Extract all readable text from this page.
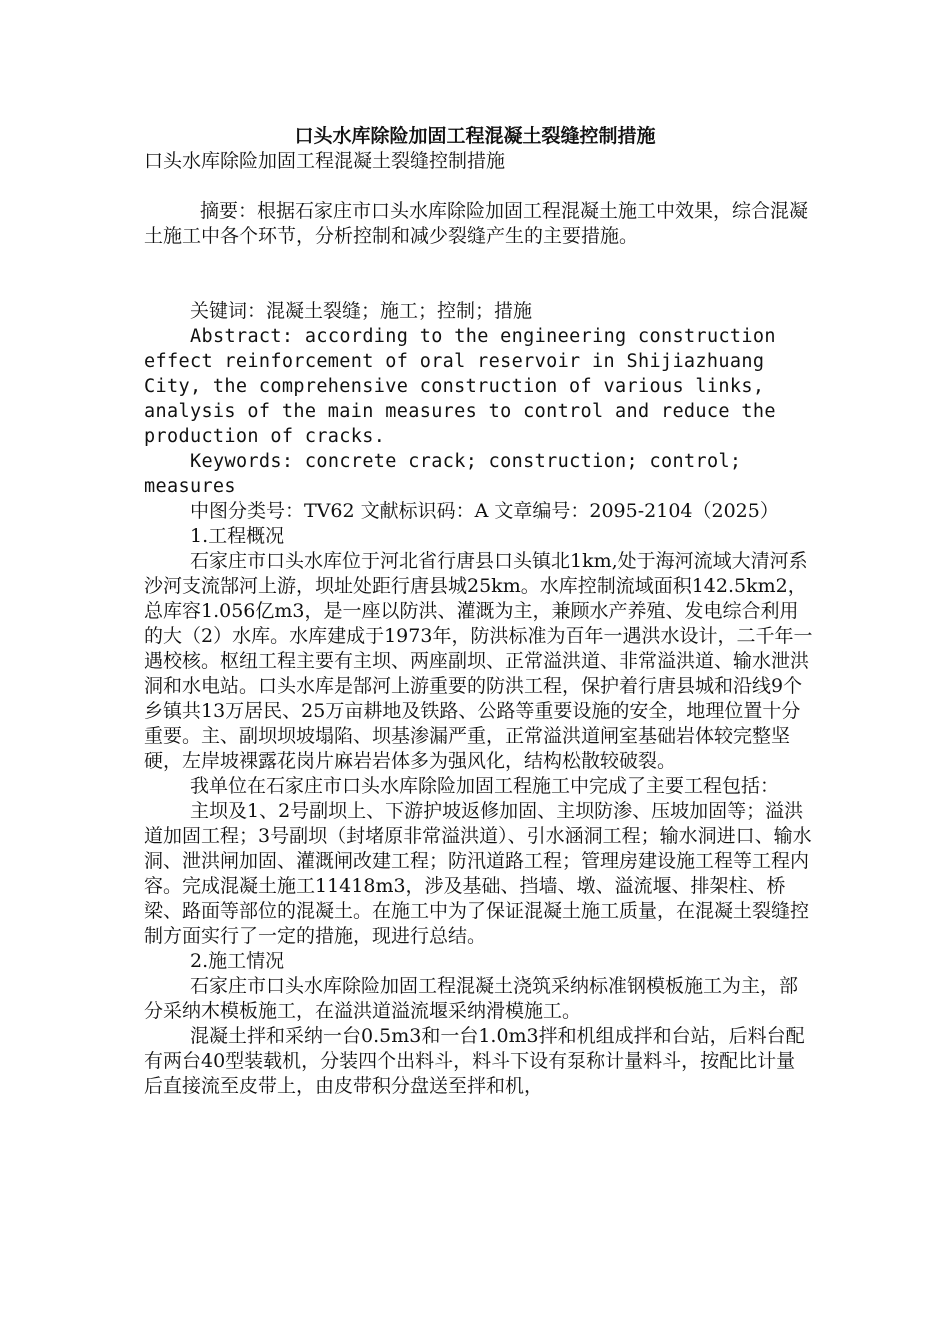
口头水库除险加固工程混凝土裂缝控制措施

口头水库除险加固工程混凝土裂缝控制措施

摘要：根据石家庄市口头水库除险加固工程混凝土施工中效果，综合混凝土施工中各个环节，分析控制和减少裂缝产生的主要措施。

关键词：混凝土裂缝；施工；控制；措施

Abstract: according to the engineering construction effect reinforcement of oral reservoir in Shijiazhuang City, the comprehensive construction of various links, analysis of the main measures to control and reduce the production of cracks.

Keywords: concrete crack; construction; control; measures

中图分类号：TV62 文献标识码：A 文章编号：2095-2104（2025）

1.工程概况

石家庄市口头水库位于河北省行唐县口头镇北1km,处于海河流域大清河系沙河支流郜河上游，坝址处距行唐县城25km。水库控制流域面积142.5km2，总库容1.056亿m3，是一座以防洪、灌溉为主，兼顾水产养殖、发电综合利用的大（2）水库。水库建成于1973年，防洪标准为百年一遇洪水设计，二千年一遇校核。枢纽工程主要有主坝、两座副坝、正常溢洪道、非常溢洪道、输水泄洪洞和水电站。口头水库是郜河上游重要的防洪工程，保护着行唐县城和沿线9个乡镇共13万居民、25万亩耕地及铁路、公路等重要设施的安全，地理位置十分重要。主、副坝坝坡塌陷、坝基渗漏严重，正常溢洪道闸室基础岩体较完整坚硬，左岸坡裸露花岗片麻岩岩体多为强风化，结构松散较破裂。

我单位在石家庄市口头水库除险加固工程施工中完成了主要工程包括：

主坝及1、2号副坝上、下游护坡返修加固、主坝防渗、压坡加固等；溢洪道加固工程；3号副坝（封堵原非常溢洪道）、引水涵洞工程；输水洞进口、输水洞、泄洪闸加固、灌溉闸改建工程；防汛道路工程；管理房建设施工程等工程内容。完成混凝土施工11418m3，涉及基础、挡墙、墩、溢流堰、排架柱、桥梁、路面等部位的混凝土。在施工中为了保证混凝土施工质量，在混凝土裂缝控制方面实行了一定的措施，现进行总结。

2.施工情况

石家庄市口头水库除险加固工程混凝土浇筑采纳标准钢模板施工为主，部分采纳木模板施工，在溢洪道溢流堰采纳滑模施工。

混凝土拌和采纳一台0.5m3和一台1.0m3拌和机组成拌和台站，后料台配有两台40型装载机，分装四个出料斗，料斗下设有泵称计量料斗，按配比计量后直接流至皮带上，由皮带积分盘送至拌和机，
